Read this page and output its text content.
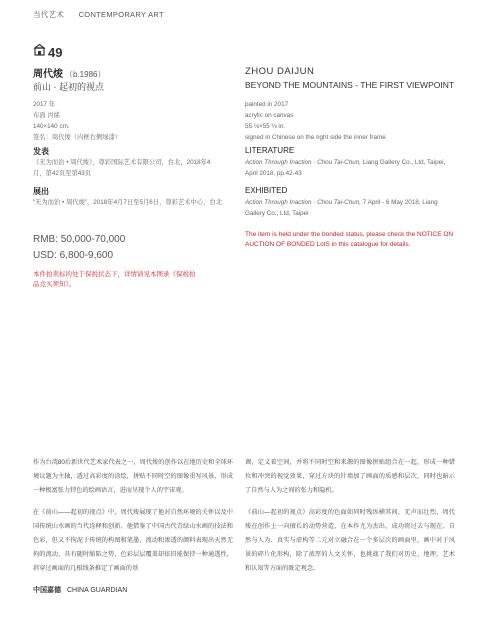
当代艺术 CONTEMPORARY ART
49
周代焌 （b.1986）
前山 · 起初的视点
ZHOU DAIJUN
BEYOND THE MOUNTAINS - THE FIRST VIEWPOINT
2017 年
布面 丙烯
140×140 cm.
签名：周代焌（内框右侧绿漆）
painted in 2017
acrylic on canvas
55 ⅛×55 ⅛ in.
signed in Chinese on the right side the inner frame
发表
《无为而治 • 周代焌》，尊彩国际艺术有限公司，台北，2018年4月，第42页至第43页
LITERATURE
Action Through Inaction · Chou Tai-Chun, Liang Gallery Co., Ltd, Taipei, April 2018, pp.42-43
展出
“无为而治 • 周代焌”，2018年4月7日至5月6日，尊彩艺术中心，台北
EXHIBITED
Action Through Inaction · Chou Tai-Chun, 7 April - 6 May 2018, Liang Gallery Co., Ltd, Taipei
RMB: 50,000-70,000
USD: 6,800-9,600
The item is held under the bonded status, please check the NOTICE ON AUCTION OF BONDED LotS in this catalogue for details.
本件拍卖标的处于保税状态下，详情请见本图录《保税拍品竞买须知》。

作为台湾80后新世代艺术家代表之一，周代焌的创作以在地历史和全球环境议题为主轴，透过高彩度的涂绘，拼贴不同时空的图像重写风景，形成一种极富张力特色的绘画语言，进而呈现个人的宇宙观。

在《前山——起初的视点》中，周代焌展现了他对自然环境的关怀以及中国传统山水画的当代诠释和创新。他借鉴了中国古代青绿山水画的技法和色彩，但又不拘泥于传统的构图和笔墨，流动和渗透的颜料表现出天然无拘的流动，具有随时缩陷之势，色彩层层覆盖却依旧能保持一种通透性，斜穿过画面的几根线条推定了画面的基

调，定义着空间，并将不同时空和来源的图像拼贴组合在一起，形成一种错位和冲突的视觉效果，穿过方块的针墙加了画面的质感和层次，同时也暗示了自然与人为之间的张力和隐机。

《前山—起初的视点》高彩度的色面如同时残纵横其间，无声而壮烈，周代焌在创作上一向擅长的动势营造，在本作尤为杰出，成功将过去与现在、自然与人为、真实与虚构等二元对立融合在一个多层次的画面里，画中对于风景的碎片化形构，除了浓厚的人文关怀，也挑战了我们对历史、地理、艺术和认知等方面的既定观念。

中国嘉德 CHINA GUARDIAN
